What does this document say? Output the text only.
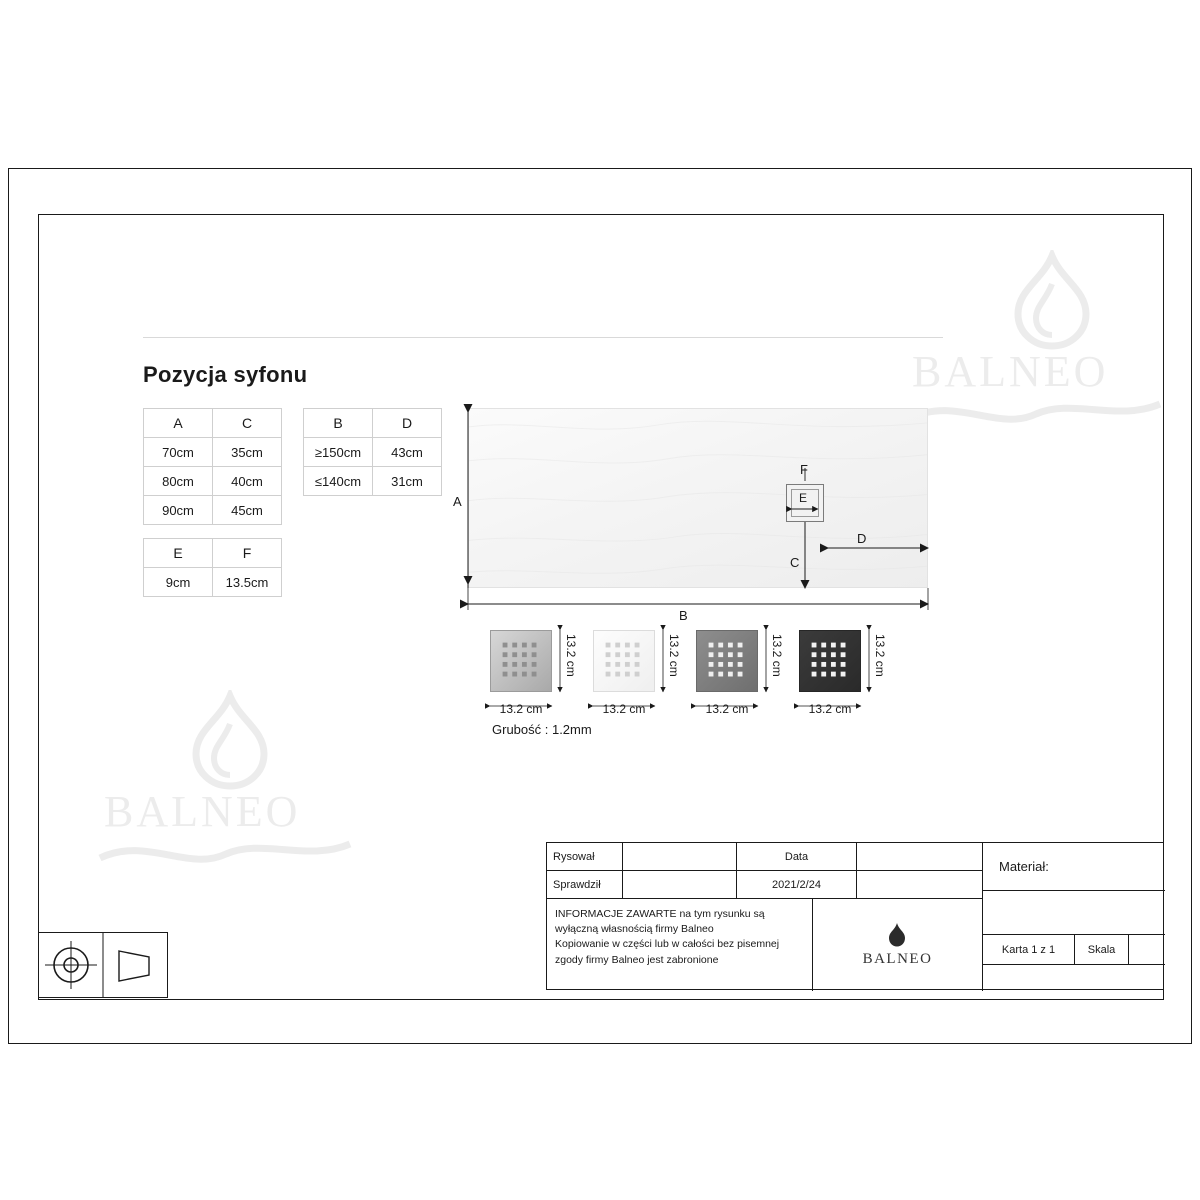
BALNEO
BALNEO
Pozycja syfonu
A	C
70cm	35cm
80cm	40cm
90cm	45cm
B	D
≥150cm	43cm
≤140cm	31cm
E	F
9cm	13.5cm
A
B
C
D
E
F
13.2 cm	13.2 cm	13.2 cm	13.2 cm
13.2 cm	13.2 cm	13.2 cm	13.2 cm
Grubość : 1.2mm
Rysował	Data
Materiał:
Sprawdził	2021/2/24
INFORMACJE ZAWARTE na tym rysunku są
wyłączną własnością firmy Balneo
Kopiowanie w części lub w całości bez pisemnej
zgody firmy Balneo jest zabronione	BALNEO
Karta 1 z 1	Skala
